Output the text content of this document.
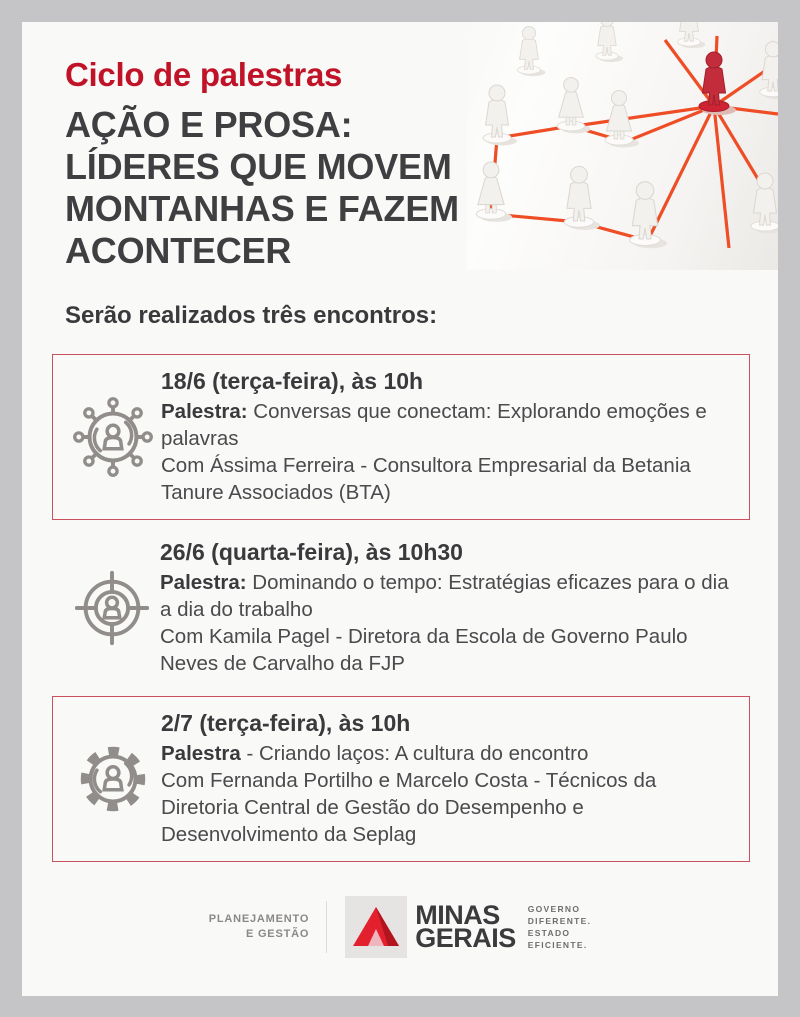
Ciclo de palestras
AÇÃO E PROSA:
LÍDERES QUE MOVEM
MONTANHAS E FAZEM
ACONTECER
Serão realizados três encontros:
18/6 (terça-feira), às 10h

Palestra: Conversas que conectam: Explorando emoções e palavras

Com Ássima Ferreira - Consultora Empresarial da Betania Tanure Associados (BTA)

26/6 (quarta-feira), às 10h30

Palestra: Dominando o tempo: Estratégias eficazes para o dia a dia do trabalho

Com Kamila Pagel - Diretora da Escola de Governo Paulo Neves de Carvalho da FJP

2/7 (terça-feira), às 10h

Palestra - Criando laços: A cultura do encontro

Com Fernanda Portilho e Marcelo Costa - Técnicos da Diretoria Central de Gestão do Desempenho e Desenvolvimento da Seplag

PLANEJAMENTO
E GESTÃO
MINAS
GERAIS
GOVERNO
DIFERENTE.
ESTADO
EFICIENTE.
